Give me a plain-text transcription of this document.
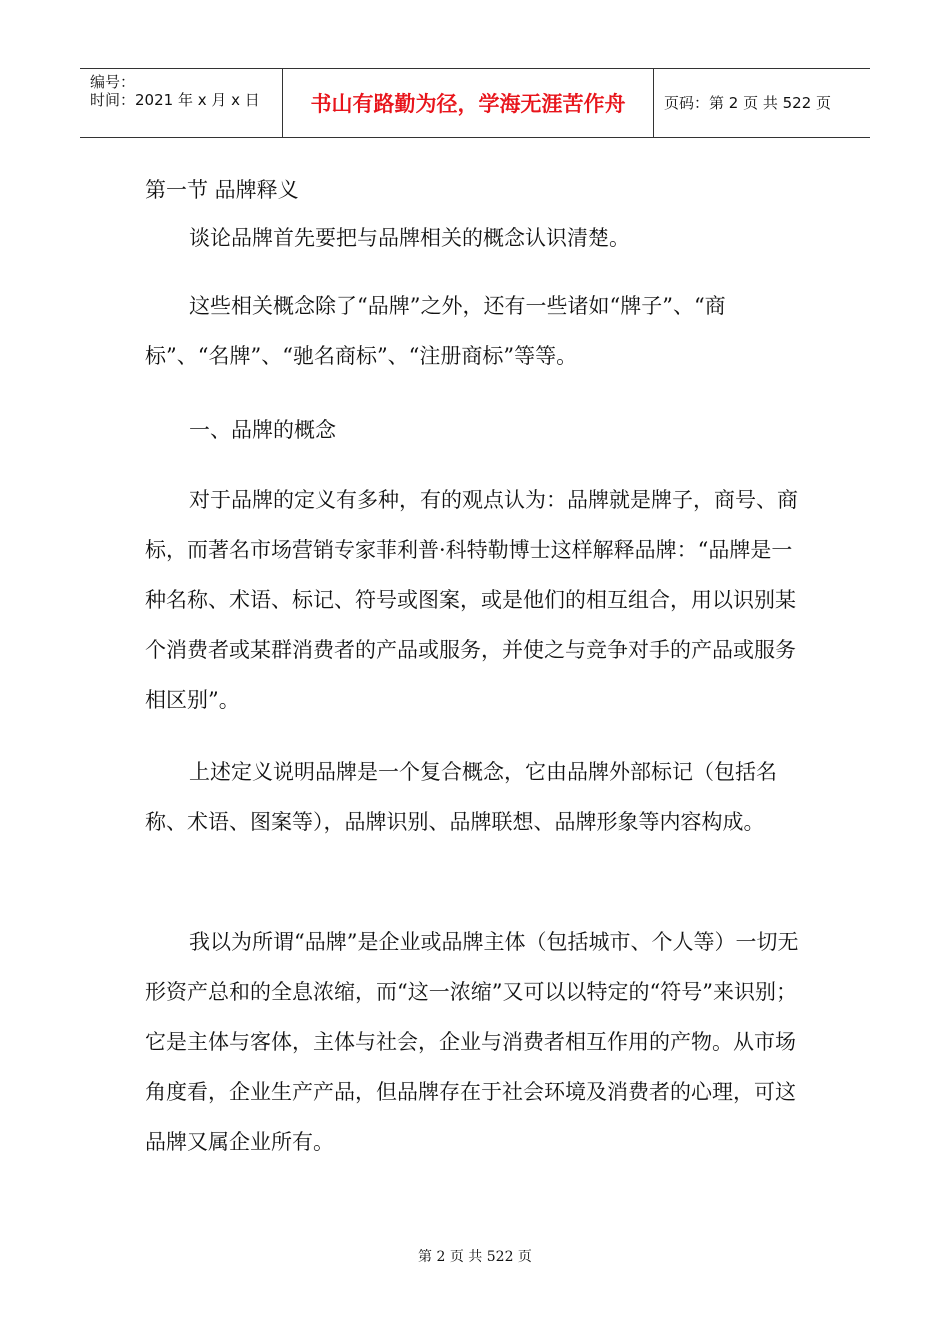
编号：
时间：2021 年 x 月 x 日	书山有路勤为径，学海无涯苦作舟	页码：第 2 页 共 522 页

第一节 品牌释义

谈论品牌首先要把与品牌相关的概念认识清楚。

这些相关概念除了“品牌”之外，还有一些诸如“牌子”、“商标”、“名牌”、“驰名商标”、“注册商标”等等。

一、品牌的概念

对于品牌的定义有多种，有的观点认为：品牌就是牌子，商号、商标，而著名市场营销专家菲利普·科特勒博士这样解释品牌：“品牌是一种名称、术语、标记、符号或图案，或是他们的相互组合，用以识别某个消费者或某群消费者的产品或服务，并使之与竞争对手的产品或服务相区别”。

上述定义说明品牌是一个复合概念，它由品牌外部标记（包括名称、术语、图案等），品牌识别、品牌联想、品牌形象等内容构成。

我以为所谓“品牌”是企业或品牌主体（包括城市、个人等）一切无形资产总和的全息浓缩，而“这一浓缩”又可以以特定的“符号”来识别；它是主体与客体，主体与社会，企业与消费者相互作用的产物。从市场角度看，企业生产产品，但品牌存在于社会环境及消费者的心理，可这品牌又属企业所有。

第 2 页 共 522 页
